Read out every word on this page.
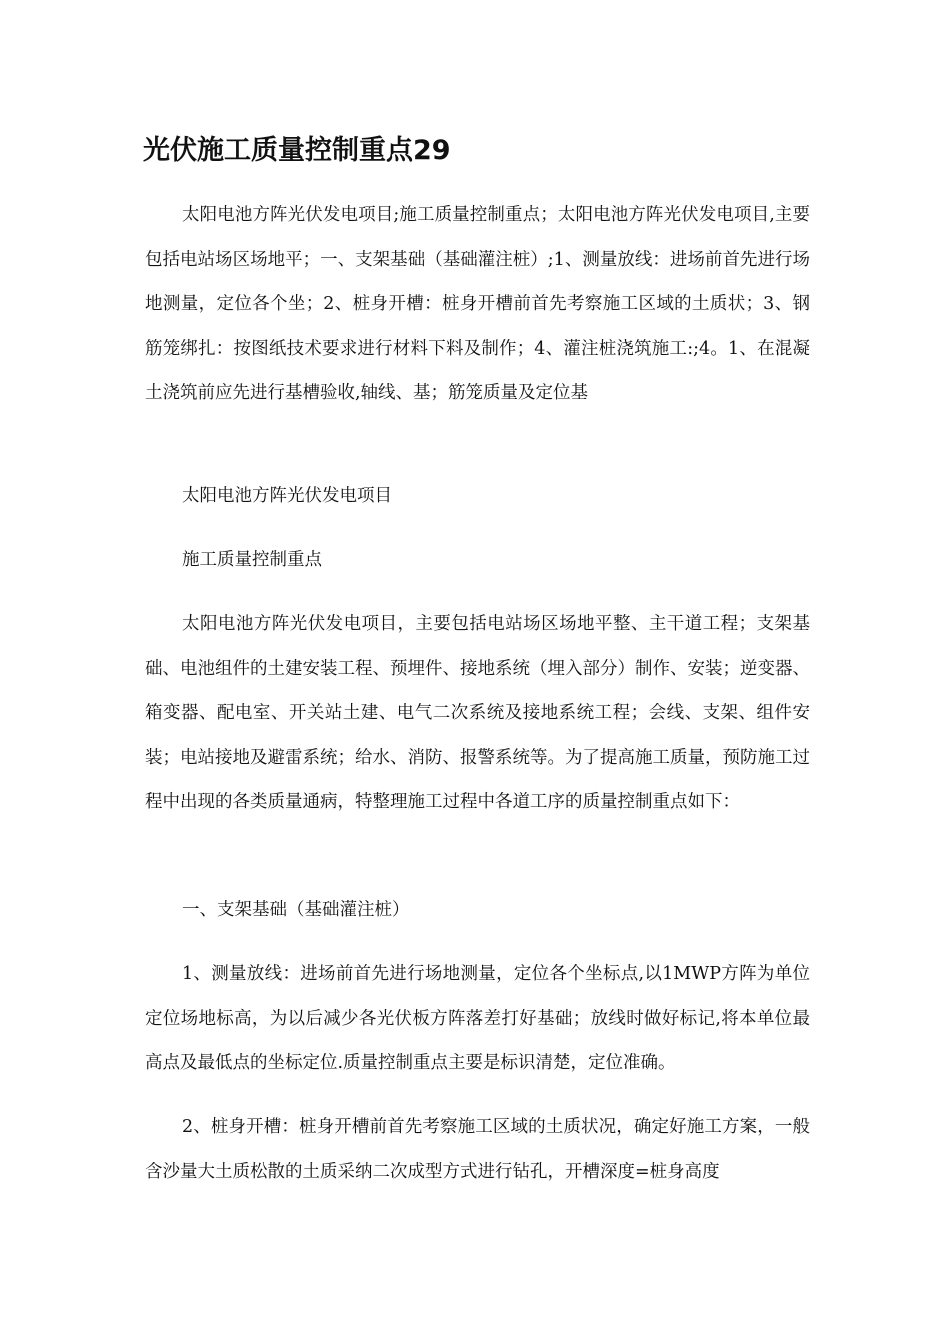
光伏施工质量控制重点29

太阳电池方阵光伏发电项目;施工质量控制重点；太阳电池方阵光伏发电项目,主要包括电站场区场地平；一、支架基础（基础灌注桩）;1、测量放线：进场前首先进行场地测量，定位各个坐；2、桩身开槽：桩身开槽前首先考察施工区域的土质状；3、钢筋笼绑扎：按图纸技术要求进行材料下料及制作；4、灌注桩浇筑施工:;4。1、在混凝土浇筑前应先进行基槽验收,轴线、基；筋笼质量及定位基

太阳电池方阵光伏发电项目

施工质量控制重点

太阳电池方阵光伏发电项目，主要包括电站场区场地平整、主干道工程；支架基础、电池组件的土建安装工程、预埋件、接地系统（埋入部分）制作、安装；逆变器、箱变器、配电室、开关站土建、电气二次系统及接地系统工程；会线、支架、组件安装；电站接地及避雷系统；给水、消防、报警系统等。为了提高施工质量，预防施工过程中出现的各类质量通病，特整理施工过程中各道工序的质量控制重点如下：

一、支架基础（基础灌注桩）

1、测量放线：进场前首先进行场地测量，定位各个坐标点,以1MWP方阵为单位定位场地标高，为以后减少各光伏板方阵落差打好基础；放线时做好标记,将本单位最高点及最低点的坐标定位.质量控制重点主要是标识清楚，定位准确。

2、桩身开槽：桩身开槽前首先考察施工区域的土质状况，确定好施工方案，一般含沙量大土质松散的土质采纳二次成型方式进行钻孔，开槽深度=桩身高度
